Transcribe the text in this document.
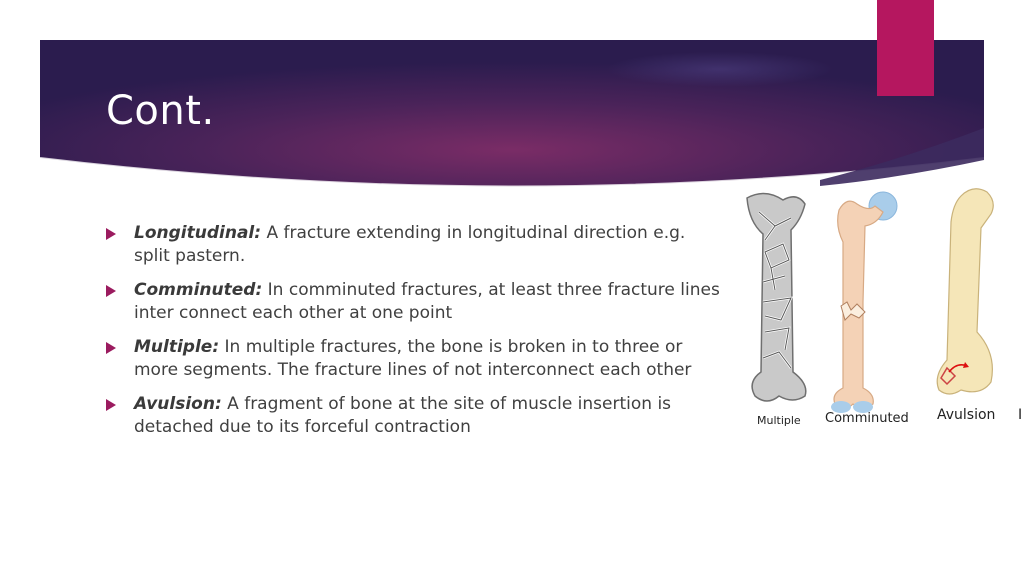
Cont.
Longitudinal: A fracture extending in longitudinal direction e.g. split pastern.
Comminuted: In comminuted fractures, at least three fracture lines inter connect each other at one point
Multiple: In multiple fractures, the bone is broken in to three or more segments. The fracture lines of not interconnect each other
Avulsion: A fragment of bone at the site of muscle insertion is detached due to its forceful contraction	Multiple Comminuted Avulsion I
